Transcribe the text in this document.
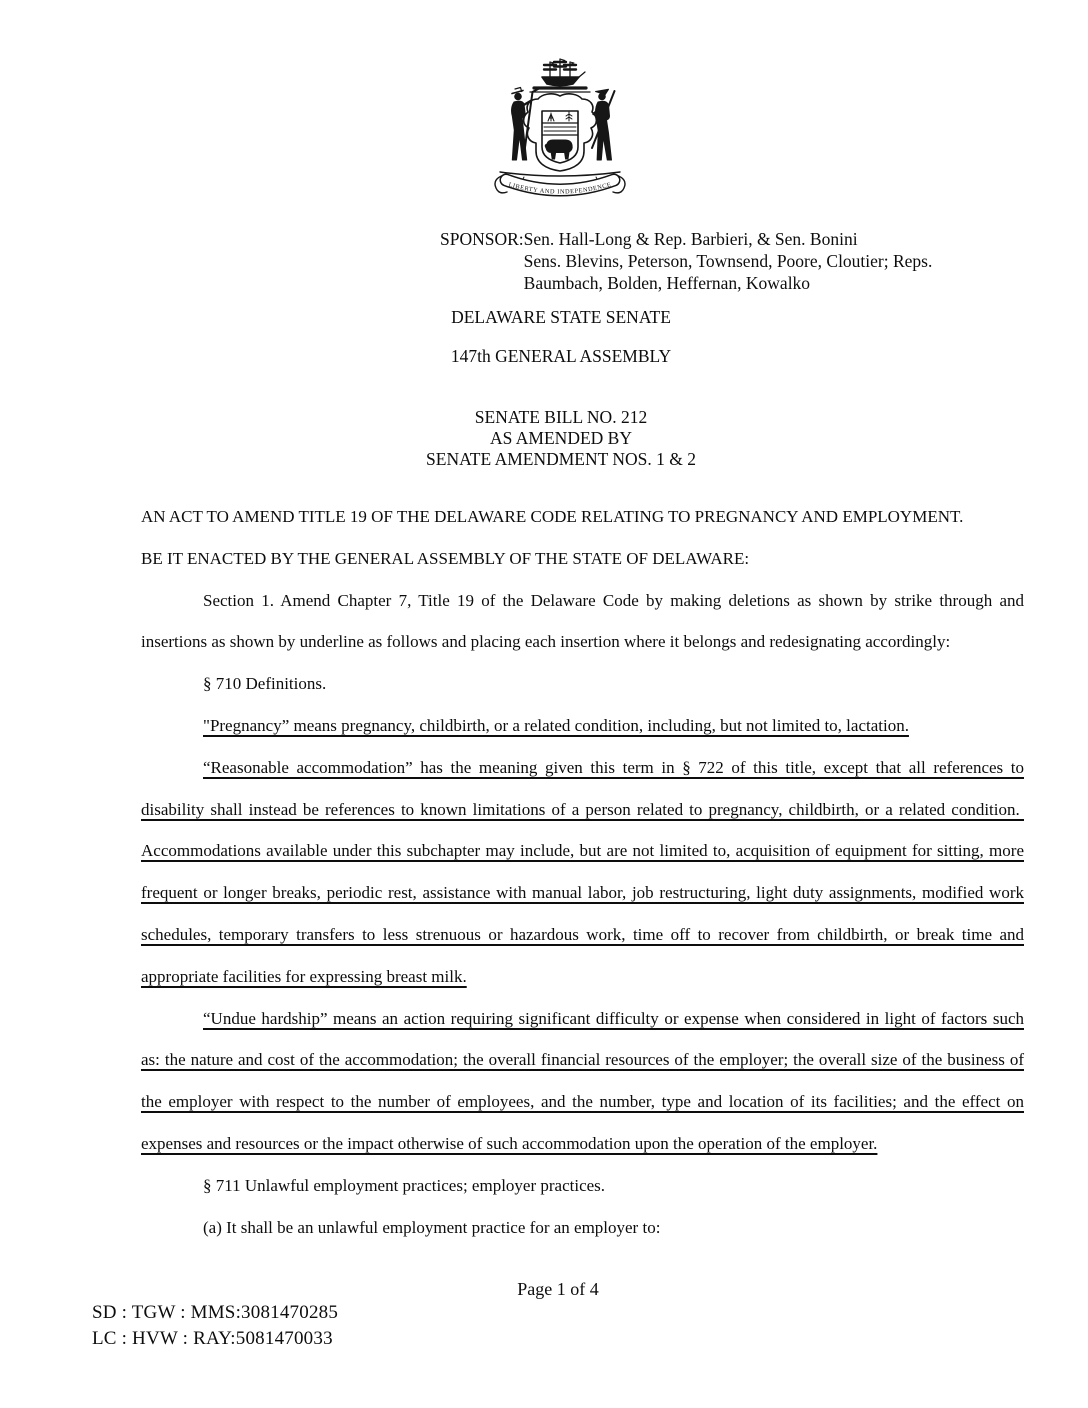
LIBERTY AND INDEPENDENCE
SPONSOR: Sen. Hall-Long & Rep. Barbieri, & Sen. Bonini
Sens. Blevins, Peterson, Townsend, Poore, Cloutier; Reps.
Baumbach, Bolden, Heffernan, Kowalko
DELAWARE STATE SENATE
147th GENERAL ASSEMBLY
SENATE BILL NO. 212
AS AMENDED BY
SENATE AMENDMENT NOS. 1 & 2

AN ACT TO AMEND TITLE 19 OF THE DELAWARE CODE RELATING TO PREGNANCY AND EMPLOYMENT.

BE IT ENACTED BY THE GENERAL ASSEMBLY OF THE STATE OF DELAWARE:

Section 1. Amend Chapter 7, Title 19 of the Delaware Code by making deletions as shown by strike through and insertions as shown by underline as follows and placing each insertion where it belongs and redesignating accordingly:

§ 710 Definitions.

"Pregnancy” means pregnancy, childbirth, or a related condition, including, but not limited to, lactation.

“Reasonable accommodation” has the meaning given this term in § 722 of this title, except that all references to disability shall instead be references to known limitations of a person related to pregnancy, childbirth, or a related condition.  Accommodations available under this subchapter may include, but are not limited to, acquisition of equipment for sitting, more frequent or longer breaks, periodic rest, assistance with manual labor, job restructuring, light duty assignments, modified work schedules, temporary transfers to less strenuous or hazardous work, time off to recover from childbirth, or break time and appropriate facilities for expressing breast milk.

“Undue hardship” means an action requiring significant difficulty or expense when considered in light of factors such as: the nature and cost of the accommodation; the overall financial resources of the employer; the overall size of the business of the employer with respect to the number of employees, and the number, type and location of its facilities; and the effect on expenses and resources or the impact otherwise of such accommodation upon the operation of the employer.

§ 711 Unlawful employment practices; employer practices.

(a) It shall be an unlawful employment practice for an employer to:

Page 1 of 4
SD : TGW : MMS:3081470285
LC : HVW : RAY:5081470033
